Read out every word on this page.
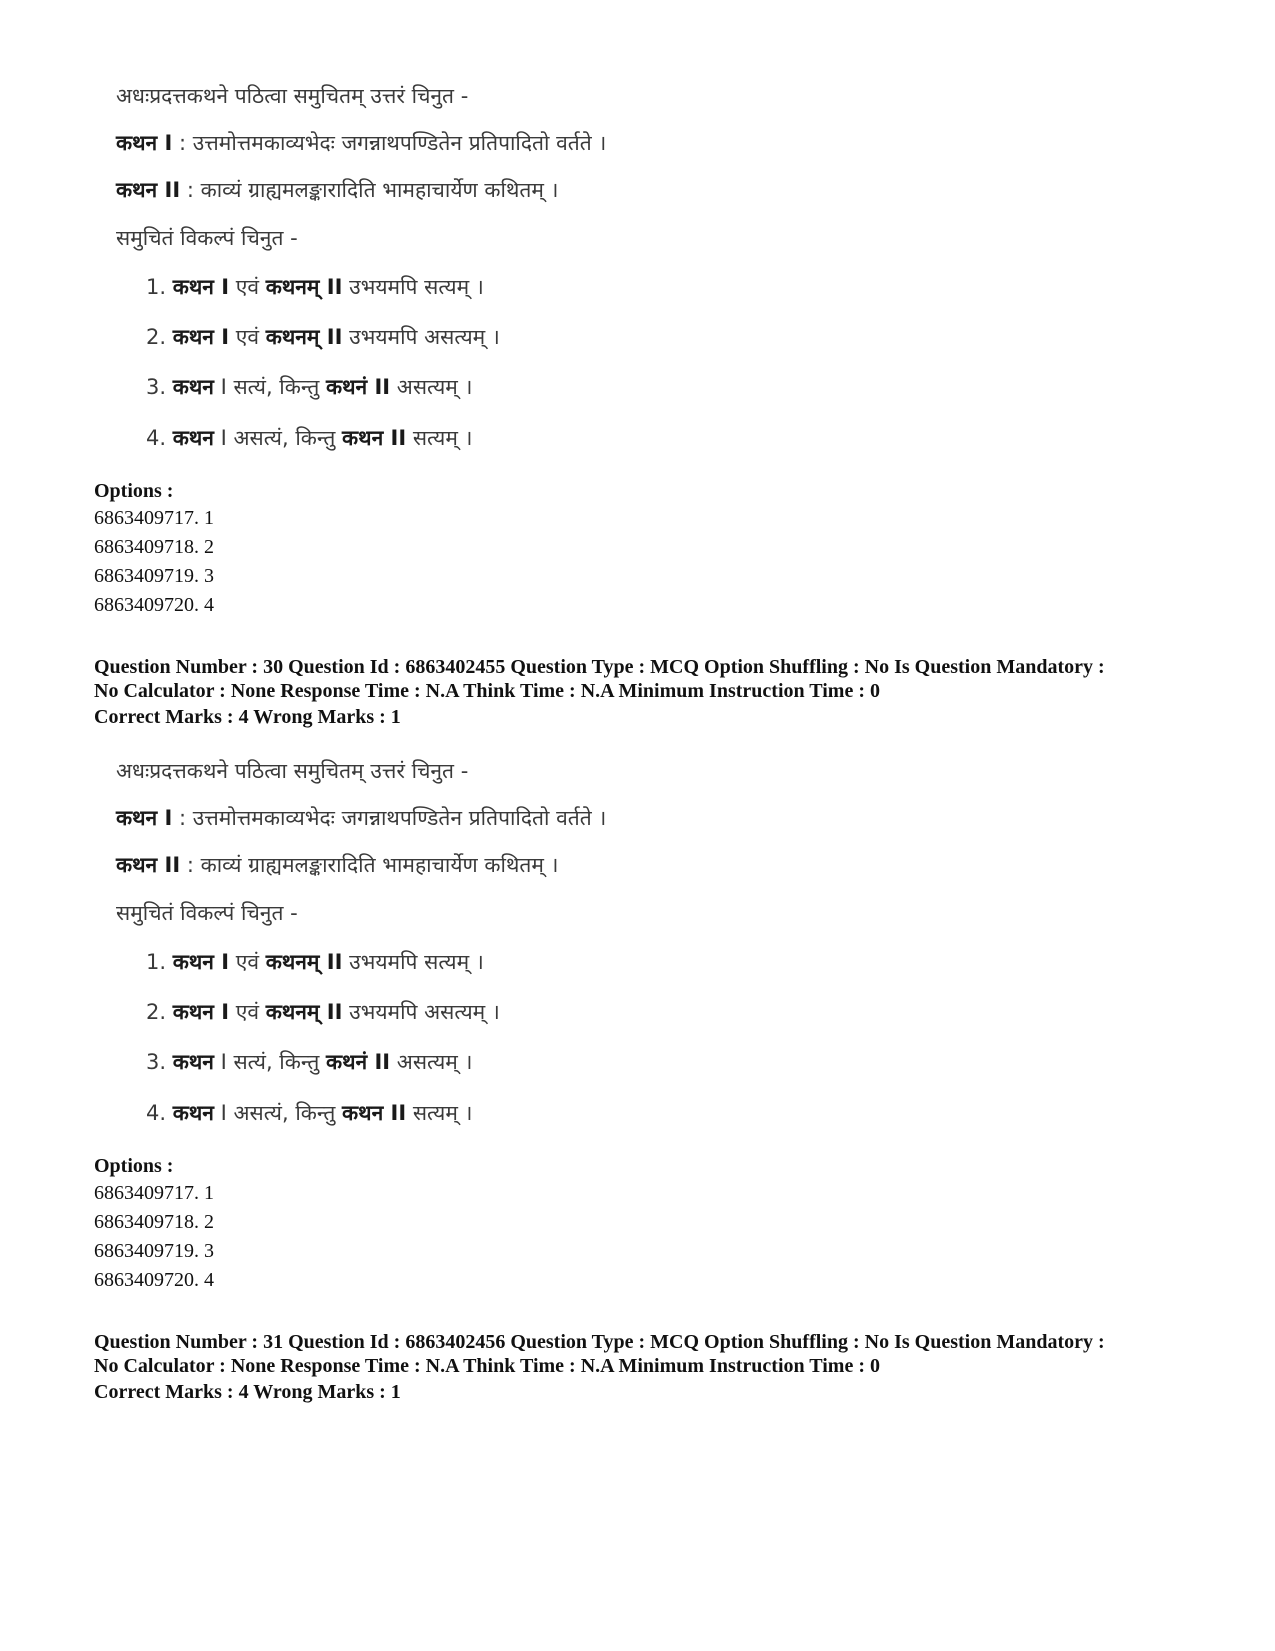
अधःप्रदत्तकथने पठित्वा समुचितम् उत्तरं चिनुत -
कथन I : उत्तमोत्तमकाव्यभेदः जगन्नाथपण्डितेन प्रतिपादितो वर्तते ।
कथन II : काव्यं ग्राह्यमलङ्कारादिति भामहाचार्येण कथितम् ।
समुचितं विकल्पं चिनुत -
1. कथन I एवं कथनम् II उभयमपि सत्यम् ।
2. कथन I एवं कथनम् II उभयमपि असत्यम् ।
3. कथन I सत्यं, किन्तु कथनं II असत्यम् ।
4. कथन I असत्यं, किन्तु कथन II सत्यम् ।
Options :
6863409717. 1
6863409718. 2
6863409719. 3
6863409720. 4
Question Number : 30 Question Id : 6863402455 Question Type : MCQ Option Shuffling : No Is Question Mandatory :
No Calculator : None Response Time : N.A Think Time : N.A Minimum Instruction Time : 0
Correct Marks : 4 Wrong Marks : 1
अधःप्रदत्तकथने पठित्वा समुचितम् उत्तरं चिनुत -
कथन I : उत्तमोत्तमकाव्यभेदः जगन्नाथपण्डितेन प्रतिपादितो वर्तते ।
कथन II : काव्यं ग्राह्यमलङ्कारादिति भामहाचार्येण कथितम् ।
समुचितं विकल्पं चिनुत -
1. कथन I एवं कथनम् II उभयमपि सत्यम् ।
2. कथन I एवं कथनम् II उभयमपि असत्यम् ।
3. कथन I सत्यं, किन्तु कथनं II असत्यम् ।
4. कथन I असत्यं, किन्तु कथन II सत्यम् ।
Options :
6863409717. 1
6863409718. 2
6863409719. 3
6863409720. 4
Question Number : 31 Question Id : 6863402456 Question Type : MCQ Option Shuffling : No Is Question Mandatory :
No Calculator : None Response Time : N.A Think Time : N.A Minimum Instruction Time : 0
Correct Marks : 4 Wrong Marks : 1
